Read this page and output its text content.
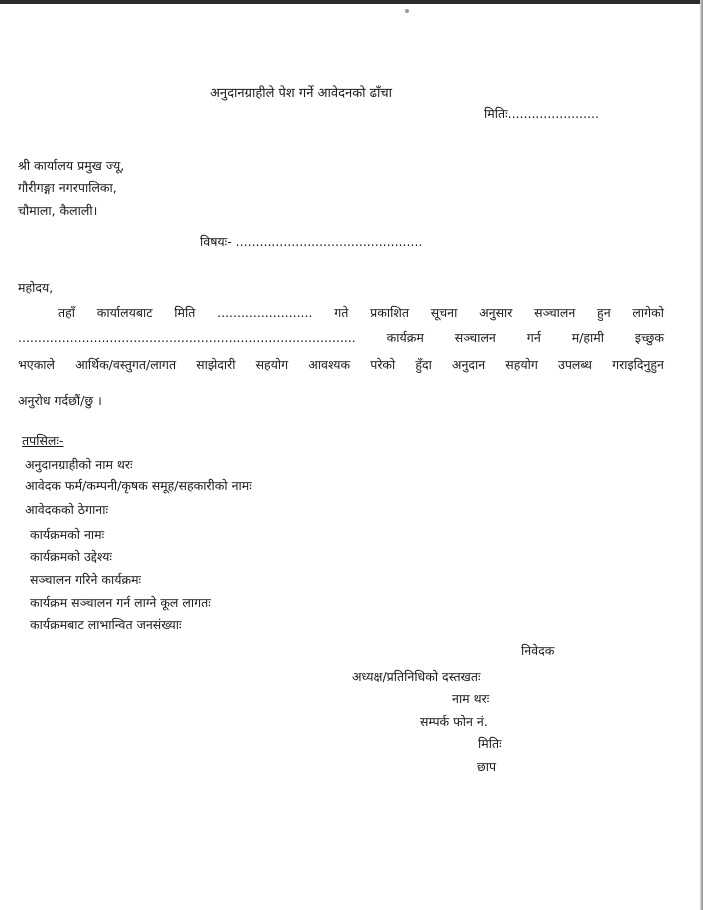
अनुदानग्राहीले पेश गर्ने आवेदनको ढाँचा
मितिः.......................
श्री कार्यालय प्रमुख ज्यू,
गौरीगङ्गा नगरपालिका,
चौमाला, कैलाली।
विषयः- ...............................................
महोदय,
तहाँ कार्यालयबाट मिति ........................ गते प्रकाशित सूचना अनुसार सञ्चालन हुन लागेको
..................................................................................... कार्यक्रम सञ्चालन गर्न म/हामी इच्छुक
भएकाले आर्थिक/वस्तुगत/लागत साझेदारी सहयोग आवश्यक परेको हुँदा अनुदान सहयोग उपलब्ध गराइदिनुहुन
अनुरोध गर्दछौं/छु ।
तपसिलः-
अनुदानग्राहीको नाम थरः
आवेदक फर्म/कम्पनी/कृषक समूह/सहकारीको नामः
आवेदकको ठेगानाः
कार्यक्रमको नामः
कार्यक्रमको उद्देश्यः
सञ्चालन गरिने कार्यक्रमः
कार्यक्रम सञ्चालन गर्न लाग्ने कूल लागतः
कार्यक्रमबाट लाभान्वित जनसंख्याः
निवेदक
अध्यक्ष/प्रतिनिधिको दस्तखतः
नाम थरः
सम्पर्क फोन नं.
मितिः
छाप
